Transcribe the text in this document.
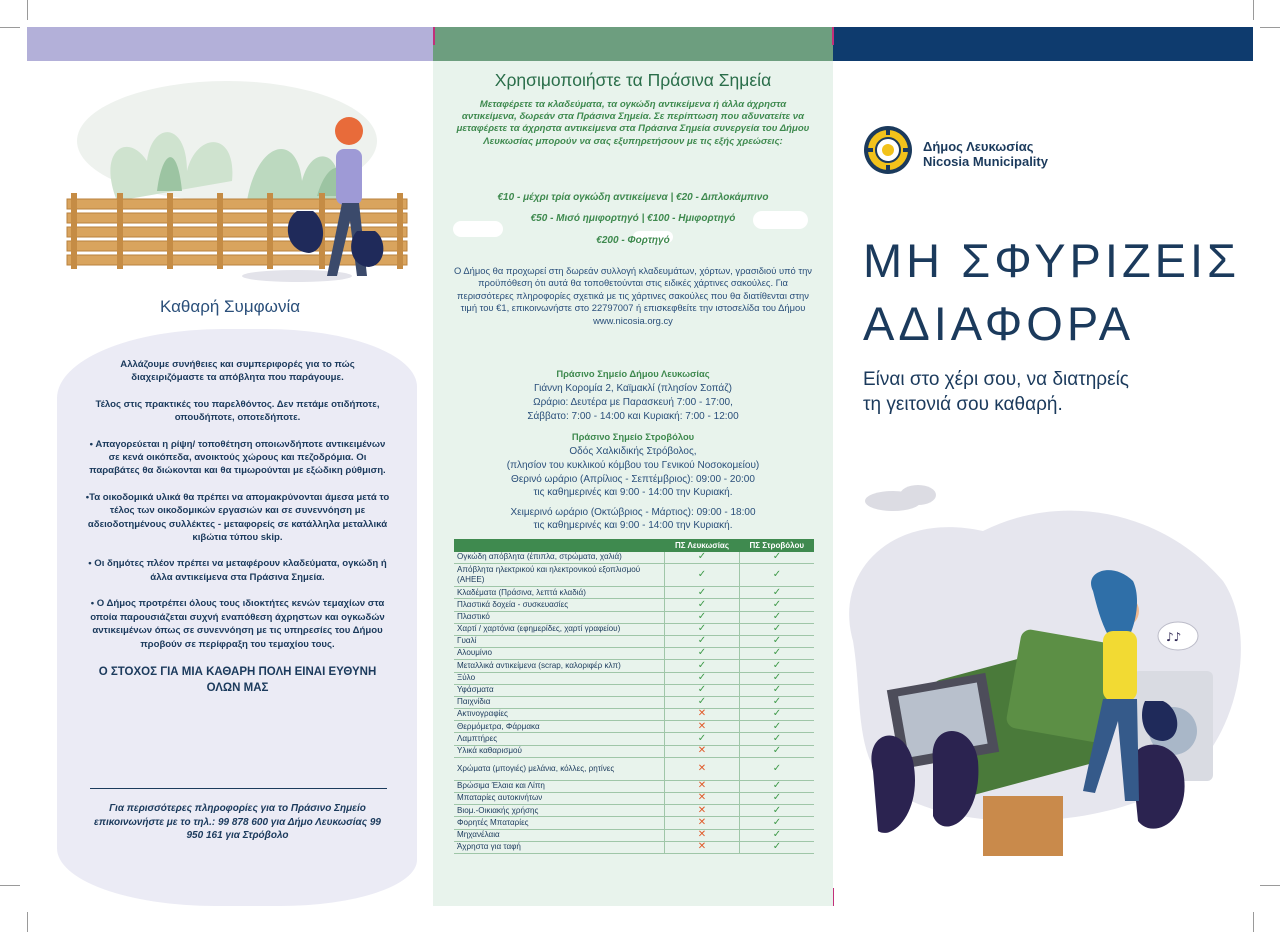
Καθαρή Συμφωνία

Αλλάζουμε συνήθειες και συμπεριφορές για το πώς διαχειριζόμαστε τα απόβλητα που παράγουμε.

Τέλος στις πρακτικές του παρελθόντος. Δεν πετάμε οτιδήποτε, οπουδήποτε, οποτεδήποτε.

• Απαγορεύεται η ρίψη/ τοποθέτηση οποιωνδήποτε αντικειμένων σε κενά οικόπεδα, ανοικτούς χώρους και πεζοδρόμια. Οι παραβάτες θα διώκονται και θα τιμωρούνται με εξώδικη ρύθμιση.

•Τα οικοδομικά υλικά θα πρέπει να απομακρύνονται άμεσα μετά το τέλος των οικοδομικών εργασιών και σε συνεννόηση με αδειοδοτημένους συλλέκτες - μεταφορείς σε κατάλληλα μεταλλικά κιβώτια τύπου skip.

• Οι δημότες πλέον πρέπει να μεταφέρουν κλαδεύματα, ογκώδη ή άλλα αντικείμενα στα Πράσινα Σημεία.

• Ο Δήμος προτρέπει όλους τους ιδιοκτήτες κενών τεμαχίων στα οποία παρουσιάζεται συχνή εναπόθεση άχρηστων και ογκωδών αντικειμένων όπως σε συνεννόηση με τις υπηρεσίες του Δήμου προβούν σε περίφραξη του τεμαχίου τους.

Ο ΣΤΟΧΟΣ ΓΙΑ ΜΙΑ ΚΑΘΑΡΗ ΠΟΛΗ ΕΙΝΑΙ ΕΥΘΥΝΗ ΟΛΩΝ ΜΑΣ
Για περισσότερες πληροφορίες για το Πράσινο Σημείο επικοινωνήστε με το τηλ.: 99 878 600 για Δήμο Λευκωσίας 99 950 161 για Στρόβολο
Χρησιμοποιήστε τα Πράσινα Σημεία
Μεταφέρετε τα κλαδεύματα, τα ογκώδη αντικείμενα ή άλλα άχρηστα αντικείμενα, δωρεάν στα Πράσινα Σημεία. Σε περίπτωση που αδυνατείτε να μεταφέρετε τα άχρηστα αντικείμενα στα Πράσινα Σημεία συνεργεία του Δήμου Λευκωσίας μπορούν να σας εξυπηρετήσουν με τις εξής χρεώσεις:
€10 - μέχρι τρία ογκώδη αντικείμενα | €20 - Διπλοκάμπινο
€50 - Μισό ημιφορτηγό | €100 - Ημιφορτηγό
€200 - Φορτηγό
Ο Δήμος θα προχωρεί στη δωρεάν συλλογή κλαδευμάτων, χόρτων, γρασιδιού υπό την προϋπόθεση ότι αυτά θα τοποθετούνται στις ειδικές χάρτινες σακούλες. Για περισσότερες πληροφορίες σχετικά με τις χάρτινες σακούλες που θα διατίθενται στην τιμή του €1, επικοινωνήστε στο 22797007 ή επισκεφθείτε την ιστοσελίδα του Δήμου www.nicosia.org.cy
Πράσινο Σημείο Δήμου Λευκωσίας
Γιάννη Κορομία 2, Καϊμακλί (πλησίον Σοπάζ)
Ωράριο: Δευτέρα με Παρασκευή 7:00 - 17:00,
Σάββατο: 7:00 - 14:00 και Κυριακή: 7:00 - 12:00
Πράσινο Σημείο Στροβόλου
Οδός Χαλκιδικής Στρόβολος,
(πλησίον του κυκλικού κόμβου του Γενικού Νοσοκομείου)
Θερινό ωράριο (Απρίλιος - Σεπτέμβριος): 09:00 - 20:00
τις καθημερινές και 9:00 - 14:00 την Κυριακή.
Χειμερινό ωράριο (Οκτώβριος - Μάρτιος): 09:00 - 18:00
τις καθημερινές και 9:00 - 14:00 την Κυριακή.
	ΠΣ Λευκωσίας	ΠΣ Στροβόλου
Ογκώδη απόβλητα (έπιπλα, στρώματα, χαλιά)	✓	✓
Απόβλητα ηλεκτρικού και ηλεκτρονικού εξοπλισμού (ΑΗΕΕ)	✓	✓
Κλαδέματα (Πράσινα, λεπτά κλαδιά)	✓	✓
Πλαστικά δοχεία - συσκευασίες	✓	✓
Πλαστικό	✓	✓
Χαρτί / χαρτόνια (εφημερίδες, χαρτί γραφείου)	✓	✓
Γυαλί	✓	✓
Αλουμίνιο	✓	✓
Μεταλλικά αντικείμενα (scrap, καλοριφέρ κλπ)	✓	✓
Ξύλο	✓	✓
Υφάσματα	✓	✓
Παιχνίδια	✓	✓
Ακτινογραφίες	✕	✓
Θερμόμετρα, Φάρμακα	✕	✓
Λαμπτήρες	✓	✓
Υλικά καθαρισμού	✕	✓
Χρώματα (μπογιές) μελάνια, κόλλες, ρητίνες	✕	✓
Βρώσιμα Έλαια και Λίπη	✕	✓
Μπαταρίες αυτοκινήτων	✕	✓
Βιομ.-Οικιακής χρήσης	✕	✓
Φορητές Μπαταρίες	✕	✓
Μηχανέλαια	✕	✓
Άχρηστα για ταφή	✕	✓
Δήμος Λευκωσίας
Nicosia Municipality
ΜΗ ΣΦΥΡΙΖΕΙΣ
ΑΔΙΑΦΟΡΑ
Είναι στο χέρι σου, να διατηρείς
τη γειτονιά σου καθαρή.
♪♪
